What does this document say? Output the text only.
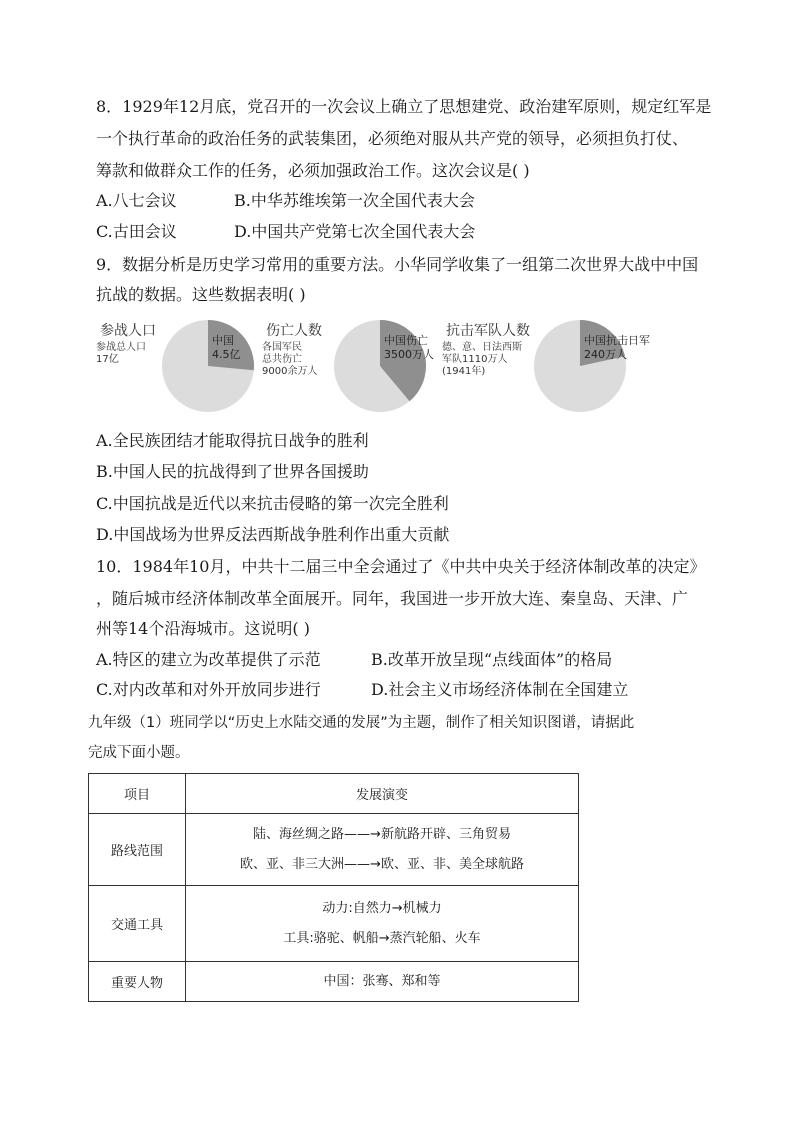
8．1929年12月底，党召开的一次会议上确立了思想建党、政治建军原则，规定红军是
一个执行革命的政治任务的武装集团，必须绝对服从共产党的领导，必须担负打仗、
筹款和做群众工作的任务，必须加强政治工作。这次会议是( )
A.八七会议	B.中华苏维埃第一次全国代表大会
C.古田会议	D.中国共产党第七次全国代表大会
9．数据分析是历史学习常用的重要方法。小华同学收集了一组第二次世界大战中中国
抗战的数据。这些数据表明( )
参战人口
参战总人口
17亿
中国 4.5亿
伤亡人数
各国军民
总共伤亡
9000余万人
中国伤亡 3500万人
抗击军队人数
德、意、日法西斯
军队1110万人
(1941年)
中国抗击日军 240万人
A.全民族团结才能取得抗日战争的胜利
B.中国人民的抗战得到了世界各国援助
C.中国抗战是近代以来抗击侵略的第一次完全胜利
D.中国战场为世界反法西斯战争胜利作出重大贡献
10．1984年10月，中共十二届三中全会通过了《中共中央关于经济体制改革的决定》
，随后城市经济体制改革全面展开。同年，我国进一步开放大连、秦皇岛、天津、广
州等14个沿海城市。这说明( )
A.特区的建立为改革提供了示范	B.改革开放呈现“点线面体”的格局
C.对内改革和对外开放同步进行	D.社会主义市场经济体制在全国建立
九年级（1）班同学以“历史上水陆交通的发展”为主题，制作了相关知识图谱，请据此
完成下面小题。
项目	发展演变
路线范围	陆、海丝绸之路——→新航路开辟、三角贸易
欧、亚、非三大洲——→欧、亚、非、美全球航路

交通工具	动力:自然力→机械力
工具:骆驼、帆船→蒸汽轮船、火车

重要人物	中国：张骞、郑和等
